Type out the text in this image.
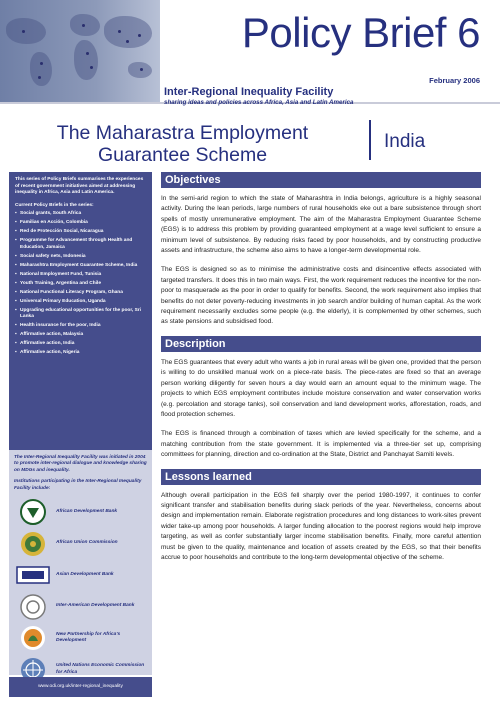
Policy Brief 6
February 2006
Inter-Regional Inequality Facility
sharing ideas and policies across Africa, Asia and Latin America
The Maharastra Employment
Guarantee Scheme
India

This series of Policy Briefs summarises the experiences of recent government initiatives aimed at addressing inequality in Africa, Asia and Latin America.

Current Policy Briefs in the series:

▪ Social grants, South Africa
▪ Familias en Acción, Colombia
▪ Red de Protección Social, Nicaragua
▪ Programme for Advancement through Health and Education, Jamaica
▪ Social safety nets, Indonesia
▪ Maharashtra Employment Guarantee Scheme, India
▪ National Employment Fund, Tunisia
▪ Youth Training, Argentina and Chile
▪ National Functional Literacy Program, Ghana
▪ Universal Primary Education, Uganda
▪ Upgrading educational opportunities for the poor, Sri Lanka
▪ Health insurance for the poor, India
▪ Affirmative action, Malaysia
▪ Affirmative action, India
▪ Affirmative action, Nigeria

The Inter-Regional Inequality Facility was initiated in 2004 to promote inter-regional dialogue and knowledge sharing on MDGs and inequality.

Institutions participating in the Inter-Regional Inequality Facility include:

African Development Bank
African Union Commission
Asian Development Bank
Inter-American Development Bank
New Partnership for Africa's Development
United Nations Economic Commission for Africa
www.odi.org.uk/inter-regional_inequality
Objectives

In the semi-arid region to which the state of Maharashtra in India belongs, agriculture is a highly seasonal activity. During the lean periods, large numbers of rural households eke out a bare subsistence through short spells of mostly unremunerative employment. The aim of the Maharastra Employment Guarantee Scheme (EGS) is to address this problem by providing guaranteed employment at a wage level sufficient to ensure a minimum level of subsistence. By reducing risks faced by poor households, and by constructing productive assets and infrastructure, the scheme also aims to have a longer-term developmental role.

The EGS is designed so as to minimise the administrative costs and disincentive effects associated with targeted transfers. It does this in two main ways. First, the work requirement reduces the incentive for the non-poor to masquerade as the poor in order to qualify for benefits. Second, the work requirement also implies that benefits do not deter poverty-reducing investments in job search and/or building of human capital. As the work requirement necessarily excludes some people (e.g. the elderly), it is complemented by other schemes, such as state pensions and subsidised food.

Description

The EGS guarantees that every adult who wants a job in rural areas will be given one, provided that the person is willing to do unskilled manual work on a piece-rate basis. The piece-rates are fixed so that an average person working diligently for seven hours a day would earn an amount equal to the minimum wage. The projects to which EGS employment contributes include moisture conservation and water conservation works (e.g. percolation and storage tanks), soil conservation and land development works, afforestation, roads, and flood protection schemes.

The EGS is financed through a combination of taxes which are levied specifically for the scheme, and a matching contribution from the state government. It is implemented via a three-tier set up, comprising committees for planning, direction and co-ordination at the State, District and Panchayat Samiti levels.

Lessons learned

Although overall participation in the EGS fell sharply over the period 1980-1997, it continues to confer significant transfer and stabilisation benefits during slack periods of the year. Nevertheless, concerns about design and implementation remain. Elaborate registration procedures and long distances to work-sites prevent wider take-up among poor households. A larger funding allocation to the poorest regions would help improve targeting, as well as confer substantially larger income stabilisation benefits. Finally, more careful attention must be given to the quality, maintenance and location of assets created by the EGS, so that their benefits accrue to poor households and contribute to the long-term developmental objective of the scheme.
